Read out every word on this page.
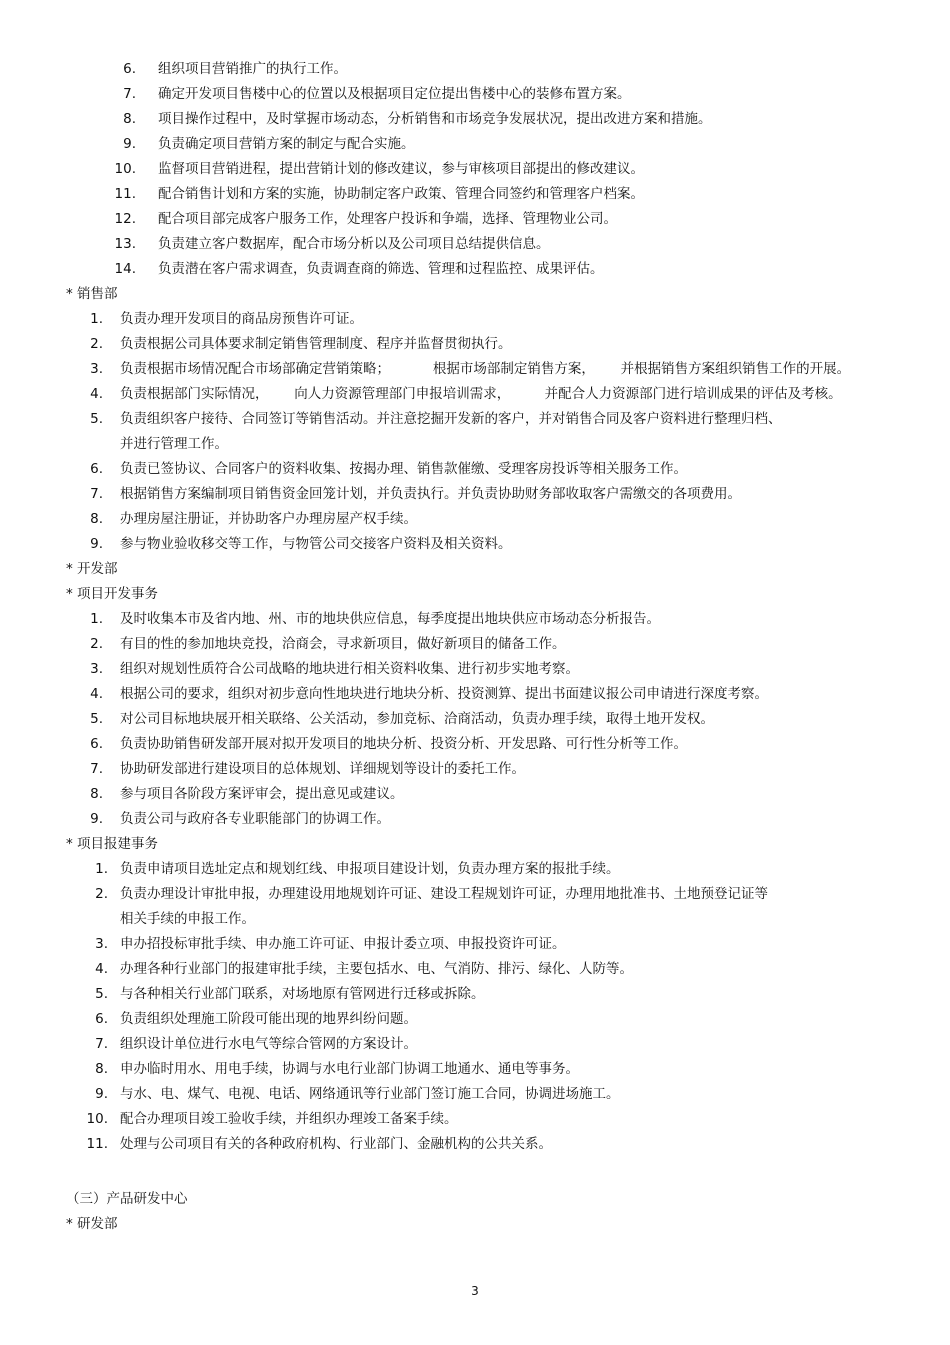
6. 组织项目营销推广的执行工作。
7. 确定开发项目售楼中心的位置以及根据项目定位提出售楼中心的装修布置方案。
8. 项目操作过程中，及时掌握市场动态，分析销售和市场竞争发展状况，提出改进方案和措施。
9. 负责确定项目营销方案的制定与配合实施。
10. 监督项目营销进程，提出营销计划的修改建议，参与审核项目部提出的修改建议。
11. 配合销售计划和方案的实施，协助制定客户政策、管理合同签约和管理客户档案。
12. 配合项目部完成客户服务工作，处理客户投诉和争端，选择、管理物业公司。
13. 负责建立客户数据库，配合市场分析以及公司项目总结提供信息。
14. 负责潜在客户需求调查，负责调查商的筛选、管理和过程监控、成果评估。
* 销售部
1. 负责办理开发项目的商品房预售许可证。
2. 负责根据公司具体要求制定销售管理制度、程序并监督贯彻执行。
3. 负责根据市场情况配合市场部确定营销策略；          根据市场部制定销售方案，      并根据销售方案组织销售工作的开展。
4. 负责根据部门实际情况，      向人力资源管理部门申报培训需求，        并配合人力资源部门进行培训成果的评估及考核。
5. 负责组织客户接待、合同签订等销售活动。并注意挖掘开发新的客户，并对销售合同及客户资料进行整理归档、
并进行管理工作。
6. 负责已签协议、合同客户的资料收集、按揭办理、销售款催缴、受理客房投诉等相关服务工作。
7. 根据销售方案编制项目销售资金回笼计划，并负责执行。并负责协助财务部收取客户需缴交的各项费用。
8. 办理房屋注册证，并协助客户办理房屋产权手续。
9. 参与物业验收移交等工作，与物管公司交接客户资料及相关资料。
* 开发部
* 项目开发事务
1. 及时收集本市及省内地、州、市的地块供应信息，每季度提出地块供应市场动态分析报告。
2. 有目的性的参加地块竞投，洽商会，寻求新项目，做好新项目的储备工作。
3. 组织对规划性质符合公司战略的地块进行相关资料收集、进行初步实地考察。
4. 根据公司的要求，组织对初步意向性地块进行地块分析、投资测算、提出书面建议报公司申请进行深度考察。
5. 对公司目标地块展开相关联络、公关活动，参加竞标、洽商活动，负责办理手续，取得土地开发权。
6. 负责协助销售研发部开展对拟开发项目的地块分析、投资分析、开发思路、可行性分析等工作。
7. 协助研发部进行建设项目的总体规划、详细规划等设计的委托工作。
8. 参与项目各阶段方案评审会，提出意见或建议。
9. 负责公司与政府各专业职能部门的协调工作。
* 项目报建事务
1. 负责申请项目选址定点和规划红线、申报项目建设计划，负责办理方案的报批手续。
2. 负责办理设计审批申报，办理建设用地规划许可证、建设工程规划许可证，办理用地批准书、土地预登记证等
相关手续的申报工作。
3. 申办招投标审批手续、申办施工许可证、申报计委立项、申报投资许可证。
4. 办理各种行业部门的报建审批手续，主要包括水、电、气消防、排污、绿化、人防等。
5. 与各种相关行业部门联系，对场地原有管网进行迁移或拆除。
6. 负责组织处理施工阶段可能出现的地界纠纷问题。
7. 组织设计单位进行水电气等综合管网的方案设计。
8. 申办临时用水、用电手续，协调与水电行业部门协调工地通水、通电等事务。
9. 与水、电、煤气、电视、电话、网络通讯等行业部门签订施工合同，协调进场施工。
10. 配合办理项目竣工验收手续，并组织办理竣工备案手续。
11. 处理与公司项目有关的各种政府机构、行业部门、金融机构的公共关系。
（三）产品研发中心
* 研发部
3
